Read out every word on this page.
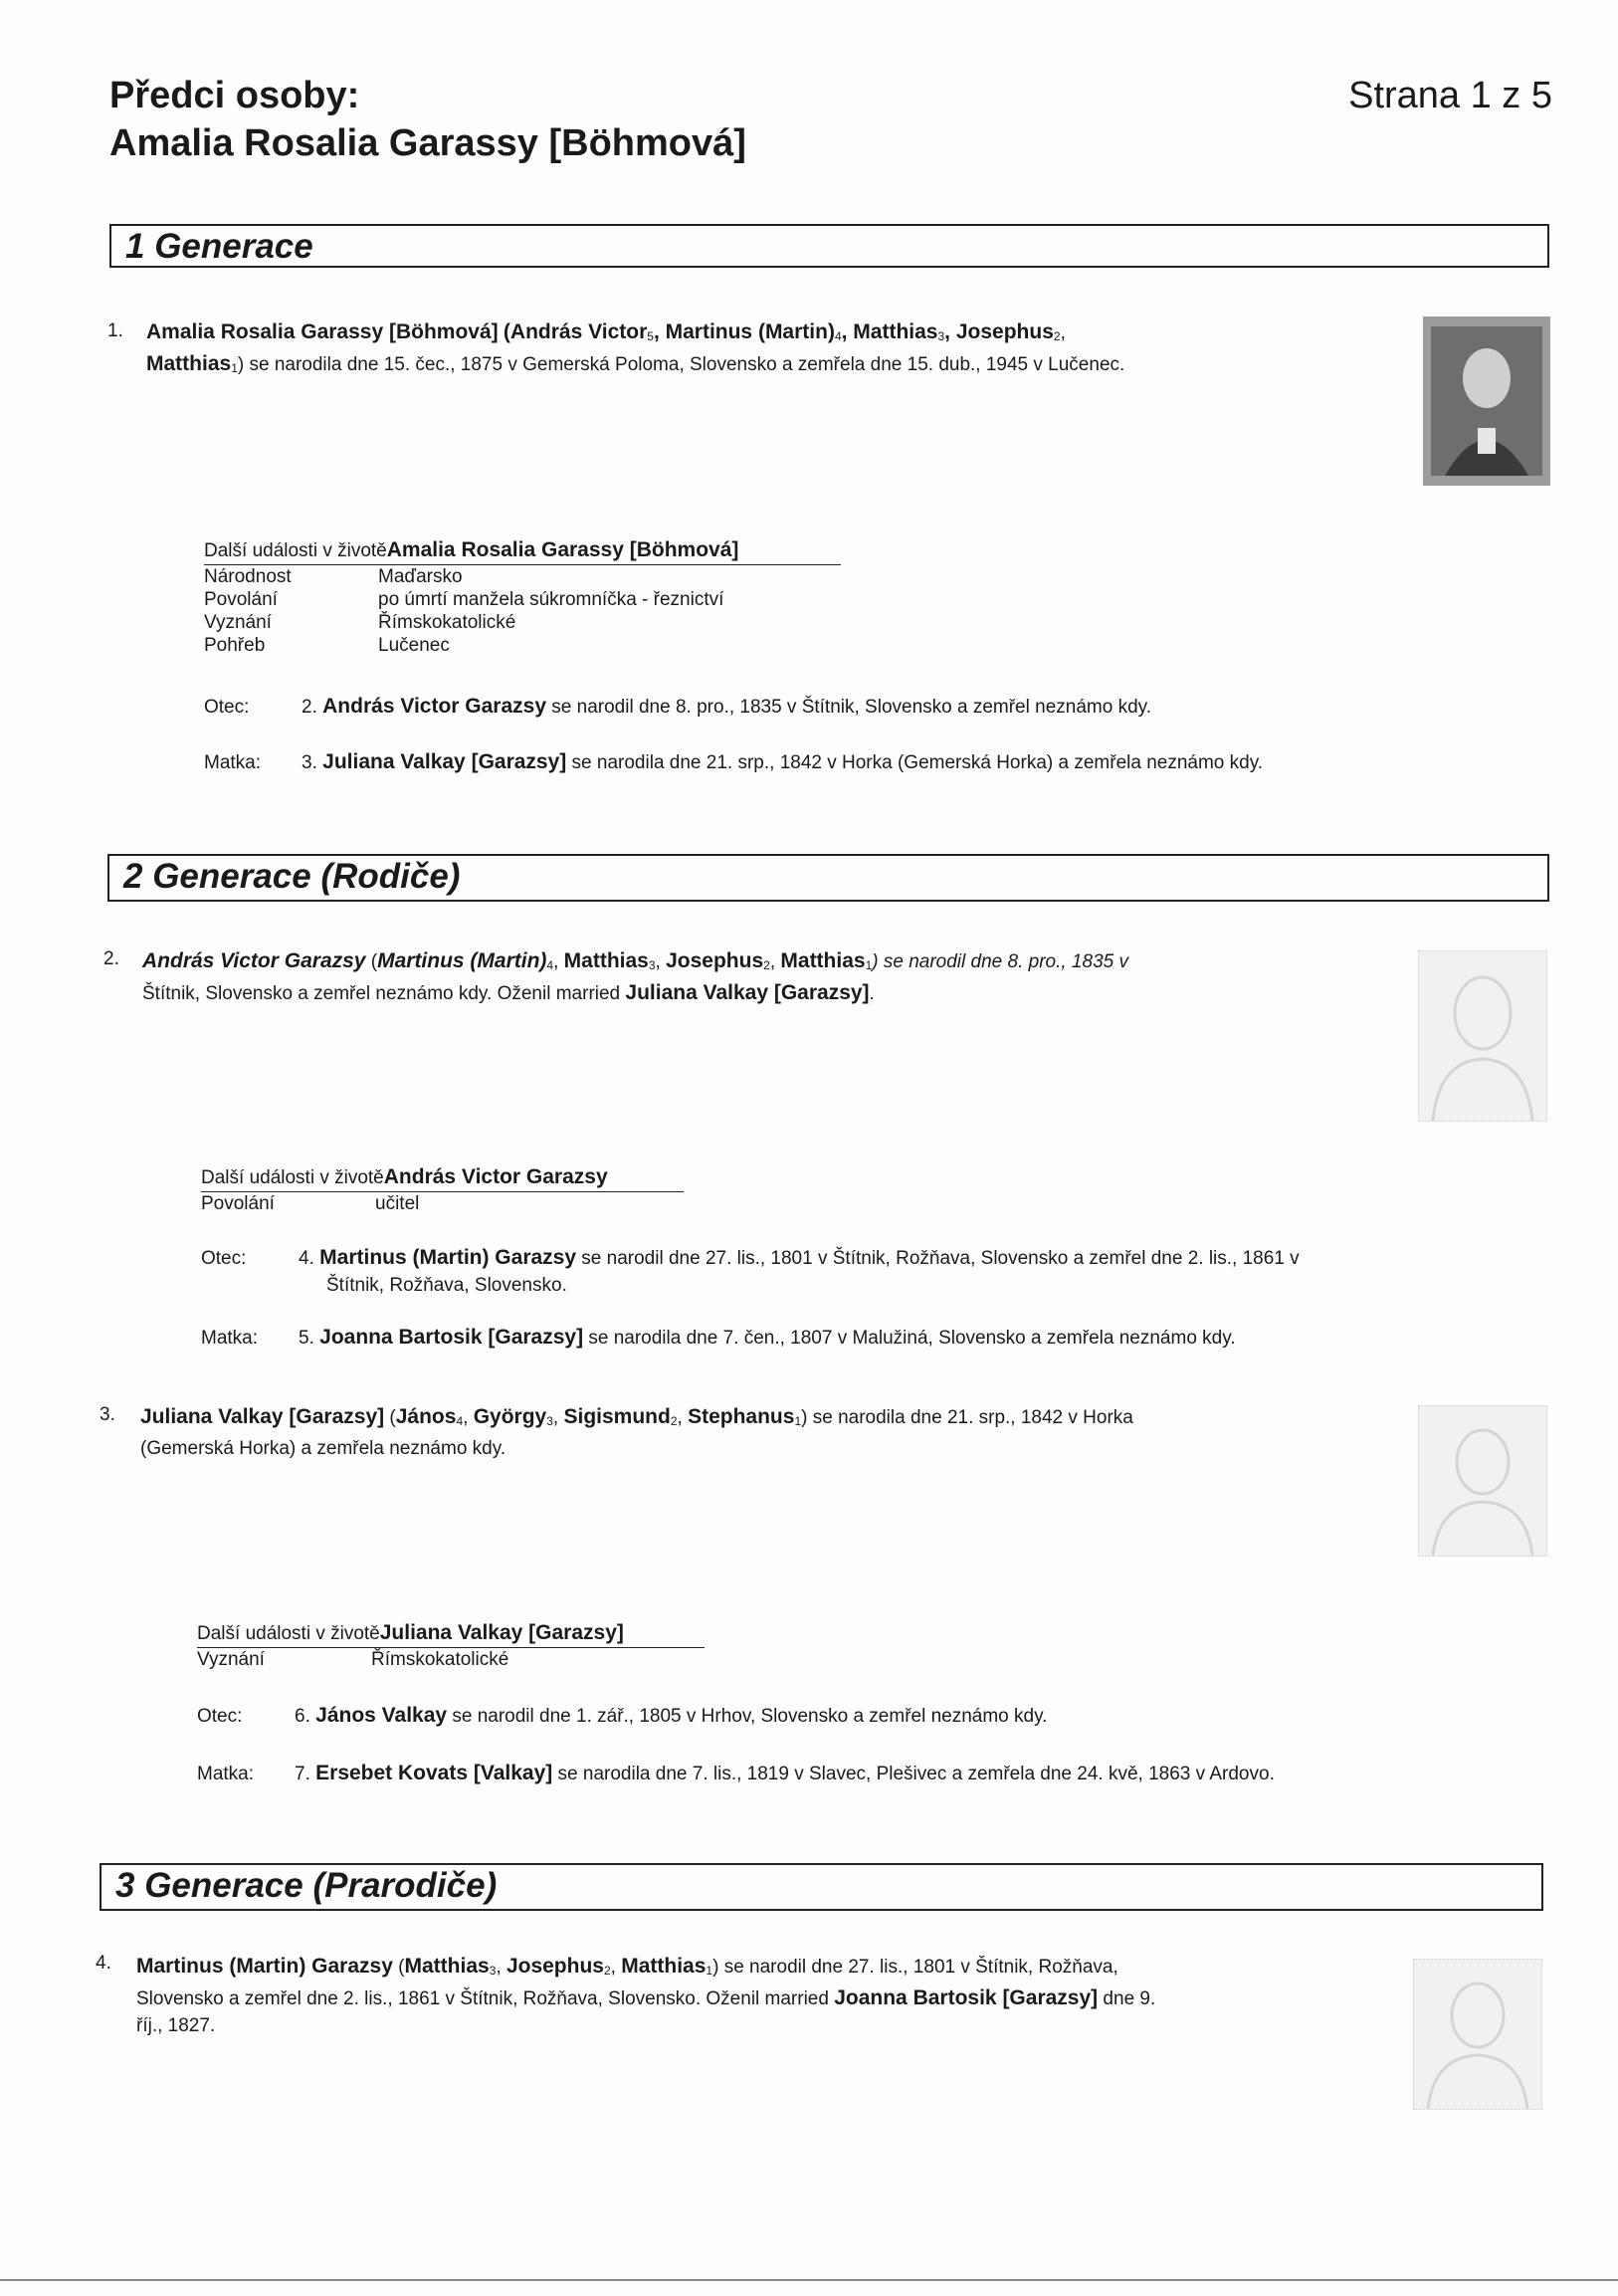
Předci osoby:
Amalia Rosalia Garassy [Böhmová]
Strana 1 z 5
1 Generace
1. Amalia Rosalia Garassy [Böhmová] (András Victor$_5$, Martinus $(Martin)_4$, Matthias$_3$, Josephus$_2$,
Matthias$_1$) se narodila dne 15. čec., 1875 v Gemerská Poloma, Slovensko a zemřela dne 15. dub., 1945 v Lučenec.
Další události v životěAmalia Rosalia Garassy [Böhmová]
Národnost	Maďarsko
Povolání	po úmrtí manžela súkromníčka - řeznictví
Vyznání	Římskokatolické
Pohřeb	Lučenec
Otec:	2. András Victor Garazsy se narodil dne 8. pro., 1835 v Štítnik, Slovensko a zemřel neznámo kdy.
Matka: 3. Juliana Valkay [Garazsy] se narodila dne 21. srp., 1842 v Horka (Gemerská Horka) a zemřela neznámo kdy.
2 Generace (Rodiče)
2. András Victor Garazsy (Martinus $(Martin)_4$, Matthias$_3$, Josephus$_2$, Matthias$_1$) se narodil dne 8. pro., 1835 v
Štítnik, Slovensko a zemřel neznámo kdy. Oženil married Juliana Valkay [Garazsy].
Další události v životěAndrás Victor Garazsy
Povolání	učitel
Otec:	4. Martinus (Martin) Garazsy se narodil dne 27. lis., 1801 v Štítnik, Rožňava, Slovensko a zemřel dne 2. lis., 1861 v
Štítnik, Rožňava, Slovensko.
Matka: 5. Joanna Bartosik [Garazsy] se narodila dne 7. čen., 1807 v Malužiná, Slovensko a zemřela neznámo kdy.
3. Juliana Valkay [Garazsy] (János$_4$, György$_3$, Sigismund$_2$, Stephanus$_1$) se narodila dne 21. srp., 1842 v Horka
(Gemerská Horka) a zemřela neznámo kdy.
Další události v životěJuliana Valkay [Garazsy]
Vyznání	Římskokatolické
Otec:	6. János Valkay se narodil dne 1. zář., 1805 v Hrhov, Slovensko a zemřel neznámo kdy.
Matka: 7. Ersebet Kovats [Valkay] se narodila dne 7. lis., 1819 v Slavec, Plešivec a zemřela dne 24. kvě, 1863 v Ardovo.
3 Generace (Prarodiče)
4. Martinus (Martin) Garazsy (Matthias$_3$, Josephus$_2$, Matthias$_1$) se narodil dne 27. lis., 1801 v Štítnik, Rožňava,
Slovensko a zemřel dne 2. lis., 1861 v Štítnik, Rožňava, Slovensko. Oženil married Joanna Bartosik [Garazsy] dne 9.
říj., 1827.
